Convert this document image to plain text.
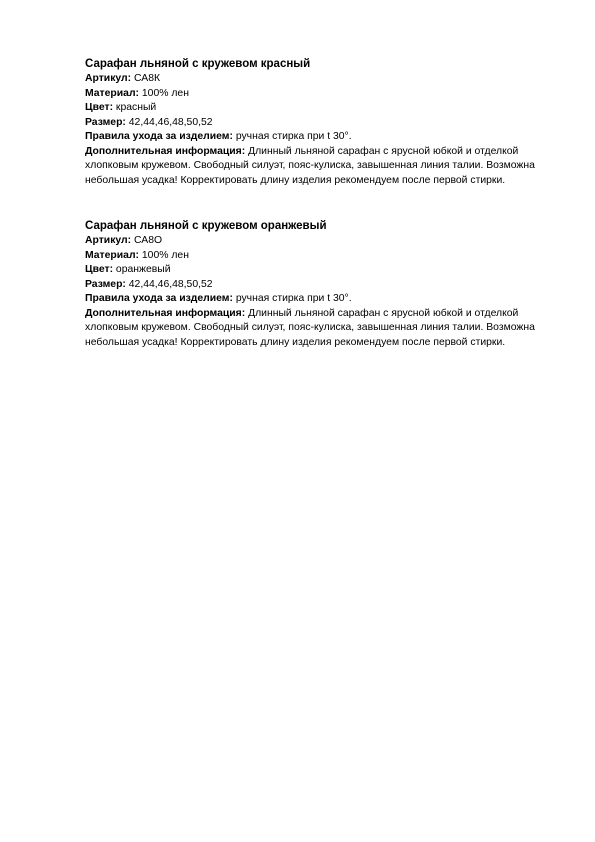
Сарафан льняной с кружевом красный

Артикул: СА8К

Материал: 100% лен

Цвет: красный

Размер: 42,44,46,48,50,52

Правила ухода за изделием: ручная стирка при t 30°.

Дополнительная информация: Длинный льняной сарафан с ярусной юбкой и отделкой хлопковым кружевом. Свободный силуэт, пояс-кулиска, завышенная линия талии. Возможна небольшая усадка! Корректировать длину изделия рекомендуем после первой стирки.

Сарафан льняной с кружевом оранжевый

Артикул: СА8О

Материал: 100% лен

Цвет: оранжевый

Размер: 42,44,46,48,50,52

Правила ухода за изделием: ручная стирка при t 30°.

Дополнительная информация: Длинный льняной сарафан с ярусной юбкой и отделкой хлопковым кружевом. Свободный силуэт, пояс-кулиска, завышенная линия талии. Возможна небольшая усадка! Корректировать длину изделия рекомендуем после первой стирки.
